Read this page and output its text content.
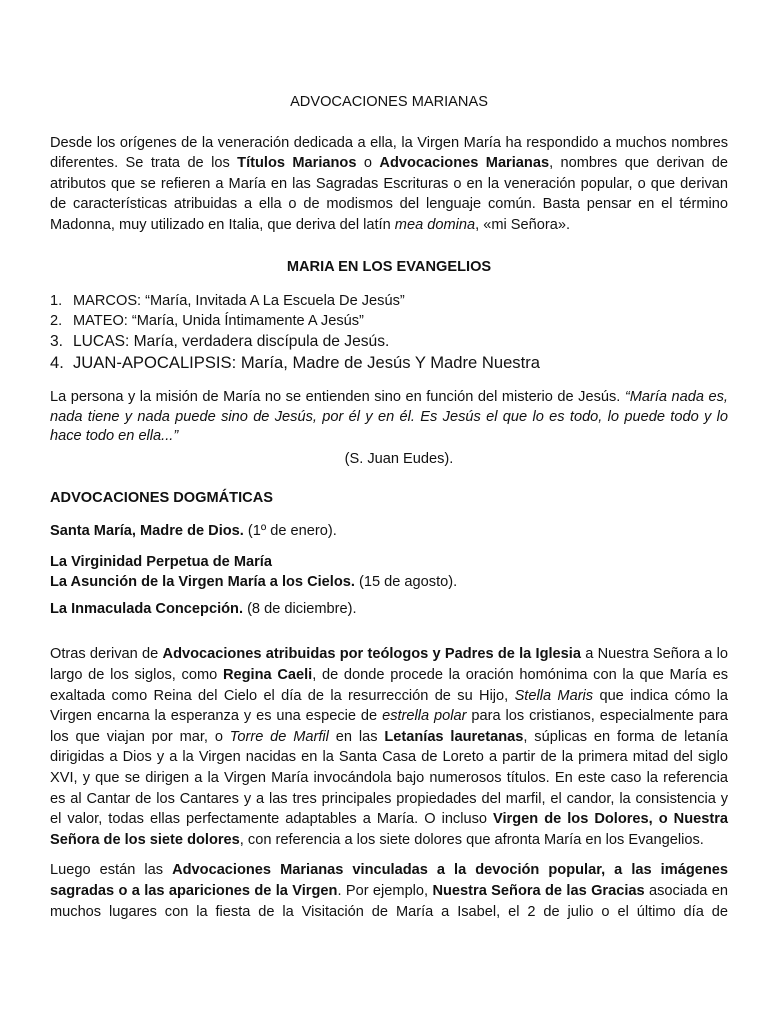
ADVOCACIONES MARIANAS

Desde los orígenes de la veneración dedicada a ella, la Virgen María ha respondido a muchos nombres diferentes. Se trata de los Títulos Marianos o Advocaciones Marianas, nombres que derivan de atributos que se refieren a María en las Sagradas Escrituras o en la veneración popular, o que derivan de características atribuidas a ella o de modismos del lenguaje común. Basta pensar en el término Madonna, muy utilizado en Italia, que deriva del latín mea domina, «mi Señora».

MARIA EN LOS EVANGELIOS

1. MARCOS: “María, Invitada A La Escuela De Jesús”
2. MATEO: “María, Unida Íntimamente A Jesús”
3. LUCAS: María, verdadera discípula de Jesús.
4. JUAN-APOCALIPSIS: María, Madre de Jesús Y Madre Nuestra

La persona y la misión de María no se entienden sino en función del misterio de Jesús. “María nada es, nada tiene y nada puede sino de Jesús, por él y en él. Es Jesús el que lo es todo, lo puede todo y lo hace todo en ella...”

(S. Juan Eudes).

ADVOCACIONES DOGMÁTICAS

Santa María, Madre de Dios. (1º de enero).

La Virginidad Perpetua de María

La Asunción de la Virgen María a los Cielos. (15 de agosto).

La Inmaculada Concepción. (8 de diciembre).

Otras derivan de Advocaciones atribuidas por teólogos y Padres de la Iglesia a Nuestra Señora a lo largo de los siglos, como Regina Caeli, de donde procede la oración homónima con la que María es exaltada como Reina del Cielo el día de la resurrección de su Hijo, Stella Maris que indica cómo la Virgen encarna la esperanza y es una especie de estrella polar para los cristianos, especialmente para los que viajan por mar, o Torre de Marfil en las Letanías lauretanas, súplicas en forma de letanía dirigidas a Dios y a la Virgen nacidas en la Santa Casa de Loreto a partir de la primera mitad del siglo XVI, y que se dirigen a la Virgen María invocándola bajo numerosos títulos. En este caso la referencia es al Cantar de los Cantares y a las tres principales propiedades del marfil, el candor, la consistencia y el valor, todas ellas perfectamente adaptables a María. O incluso Virgen de los Dolores, o Nuestra Señora de los siete dolores, con referencia a los siete dolores que afronta María en los Evangelios.

Luego están las Advocaciones Marianas vinculadas a la devoción popular, a las imágenes sagradas o a las apariciones de la Virgen. Por ejemplo, Nuestra Señora de las Gracias asociada en muchos lugares con la fiesta de la Visitación de María a Isabel, el 2 de julio o el último día de
